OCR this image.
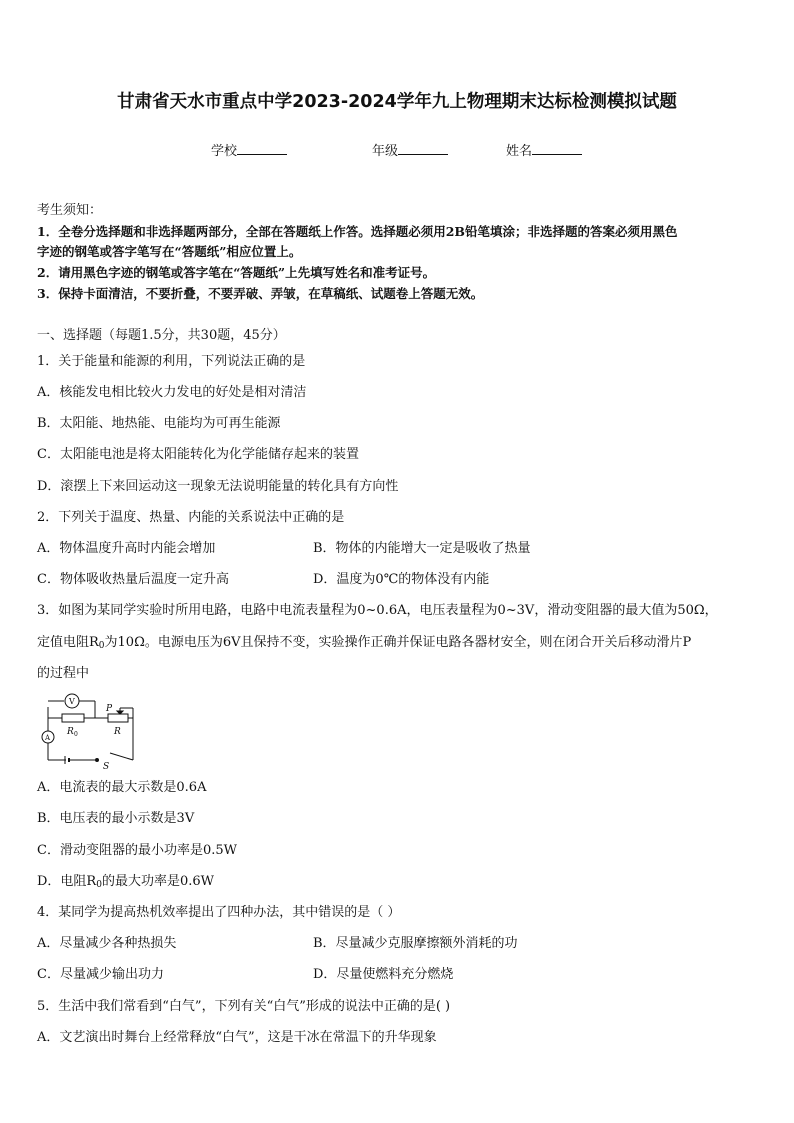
甘肃省天水市重点中学2023-2024学年九上物理期末达标检测模拟试题
学校	年级	姓名
考生须知：
1．全卷分选择题和非选择题两部分，全部在答题纸上作答。选择题必须用2B铅笔填涂；非选择题的答案必须用黑色
字迹的钢笔或答字笔写在“答题纸”相应位置上。
2．请用黑色字迹的钢笔或答字笔在“答题纸”上先填写姓名和准考证号。
3．保持卡面清洁，不要折叠，不要弄破、弄皱，在草稿纸、试题卷上答题无效。
一、选择题（每题1.5分，共30题，45分）
1．关于能量和能源的利用，下列说法正确的是
A．核能发电相比较火力发电的好处是相对清洁
B．太阳能、地热能、电能均为可再生能源
C．太阳能电池是将太阳能转化为化学能储存起来的装置
D．滚摆上下来回运动这一现象无法说明能量的转化具有方向性
2．下列关于温度、热量、内能的关系说法中正确的是
A．物体温度升高时内能会增加	B．物体的内能增大一定是吸收了热量
C．物体吸收热量后温度一定升高	D．温度为0℃的物体没有内能
3．如图为某同学实验时所用电路，电路中电流表量程为0~0.6A，电压表量程为0~3V，滑动变阻器的最大值为50Ω，
定值电阻$R_0$为10Ω。电源电压为6V且保持不变，实验操作正确并保证电路各器材安全，则在闭合开关后移动滑片P
的过程中
V
A
P
R 0	R
S
A．电流表的最大示数是0.6A
B．电压表的最小示数是3V
C．滑动变阻器的最小功率是0.5W
D．电阻$R_0$的最大功率是0.6W
4．某同学为提高热机效率提出了四种办法，其中错误的是（ ）
A．尽量减少各种热损失	B．尽量减少克服摩擦额外消耗的功
C．尽量减少输出功力	D．尽量使燃料充分燃烧
5．生活中我们常看到“白气”，下列有关“白气”形成的说法中正确的是( )
A．文艺演出时舞台上经常释放“白气”，这是干冰在常温下的升华现象
